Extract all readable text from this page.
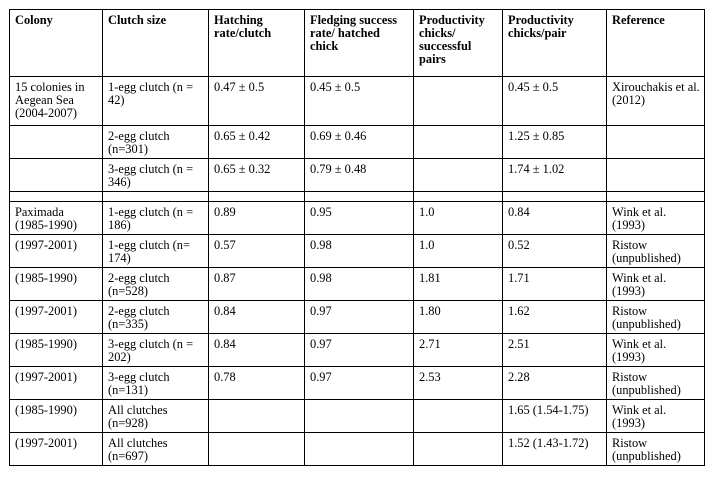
Colony	Clutch size	Hatching rate/clutch	Fledging success rate/ hatched chick	Productivity chicks/ successful pairs	Productivity chicks/pair	Reference
15 colonies in Aegean Sea (2004-2007)	1-egg clutch (n = 42)	0.47 ± 0.5	0.45 ± 0.5		0.45 ± 0.5	Xirouchakis et al. (2012)
	2-egg clutch (n=301)	0.65 ± 0.42	0.69 ± 0.46		1.25 ± 0.85	
	3-egg clutch (n = 346)	0.65 ± 0.32	0.79 ± 0.48		1.74 ± 1.02	

Paximada (1985-1990)	1-egg clutch (n = 186)	0.89	0.95	1.0	0.84	Wink et al. (1993)
(1997-2001)	1-egg clutch (n= 174)	0.57	0.98	1.0	0.52	Ristow (unpublished)
(1985-1990)	2-egg clutch (n=528)	0.87	0.98	1.81	1.71	Wink et al. (1993)
(1997-2001)	2-egg clutch (n=335)	0.84	0.97	1.80	1.62	Ristow (unpublished)
(1985-1990)	3-egg clutch (n = 202)	0.84	0.97	2.71	2.51	Wink et al. (1993)
(1997-2001)	3-egg clutch (n=131)	0.78	0.97	2.53	2.28	Ristow (unpublished)
(1985-1990)	All clutches (n=928)				1.65 (1.54-1.75)	Wink et al. (1993)
(1997-2001)	All clutches (n=697)				1.52 (1.43-1.72)	Ristow (unpublished)
